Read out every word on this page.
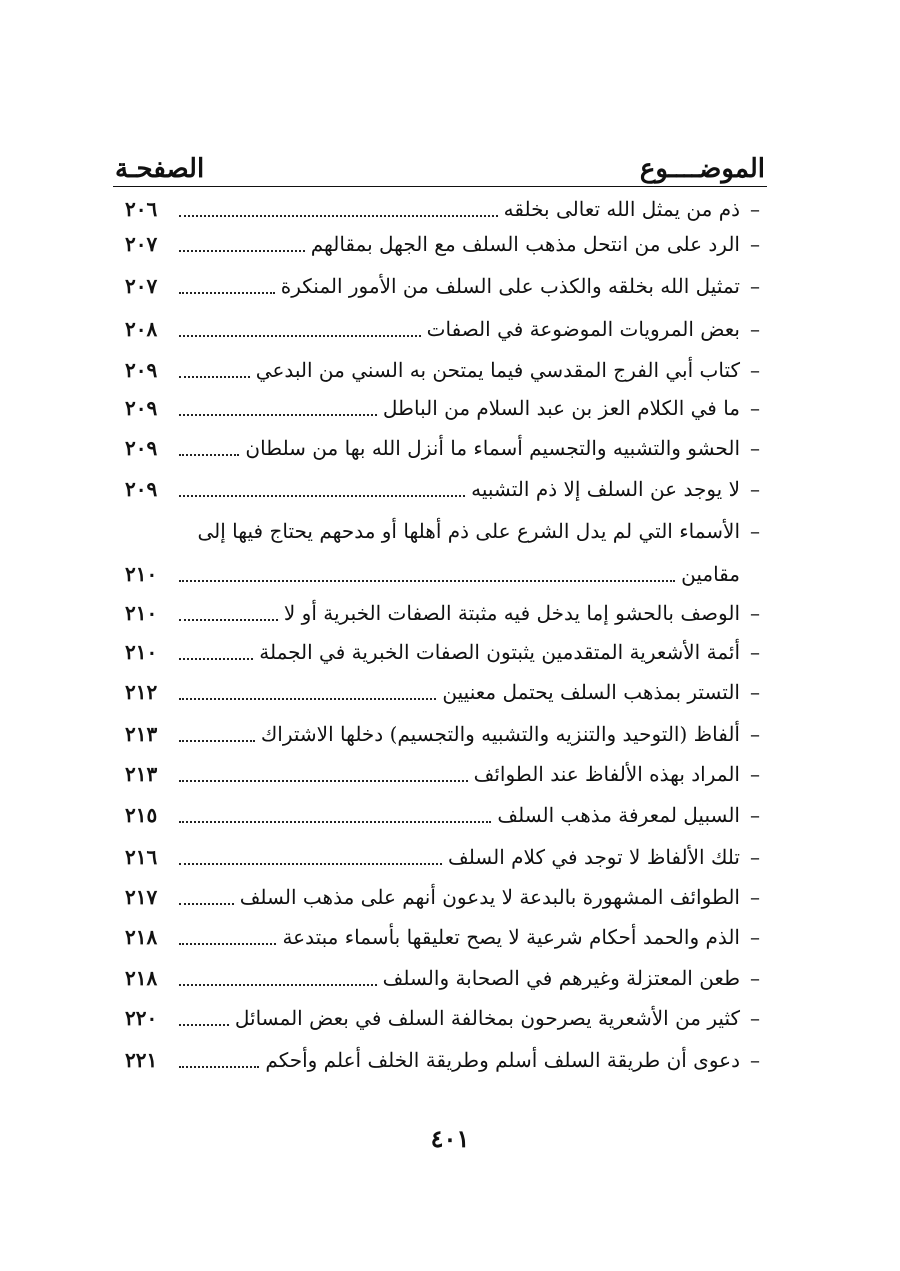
الموضــــوع
الصفحـة
–
ذم من يمثل الله تعالى بخلقه
٢٠٦
–
الرد على من انتحل مذهب السلف مع الجهل بمقالهم
٢٠٧
–
تمثيل الله بخلقه والكذب على السلف من الأمور المنكرة
٢٠٧
–
بعض المرويات الموضوعة في الصفات
٢٠٨
–
كتاب أبي الفرج المقدسي فيما يمتحن به السني من البدعي
٢٠٩
–
ما في الكلام العز بن عبد السلام من الباطل
٢٠٩
–
الحشو والتشبيه والتجسيم أسماء ما أنزل الله بها من سلطان
٢٠٩
–
لا يوجد عن السلف إلا ذم التشبيه
٢٠٩
–
الأسماء التي لم يدل الشرع على ذم أهلها أو مدحهم يحتاج فيها إلى
مقامين
٢١٠
–
الوصف بالحشو إما يدخل فيه مثبتة الصفات الخبرية أو لا
٢١٠
–
أئمة الأشعرية المتقدمين يثبتون الصفات الخبرية في الجملة
٢١٠
–
التستر بمذهب السلف يحتمل معنيين
٢١٢
–
ألفاظ (التوحيد والتنزيه والتشبيه والتجسيم) دخلها الاشتراك
٢١٣
–
المراد بهذه الألفاظ عند الطوائف
٢١٣
–
السبيل لمعرفة مذهب السلف
٢١٥
–
تلك الألفاظ لا توجد في كلام السلف
٢١٦
–
الطوائف المشهورة بالبدعة لا يدعون أنهم على مذهب السلف
٢١٧
–
الذم والحمد أحكام شرعية لا يصح تعليقها بأسماء مبتدعة
٢١٨
–
طعن المعتزلة وغيرهم في الصحابة والسلف
٢١٨
–
كثير من الأشعرية يصرحون بمخالفة السلف في بعض المسائل
٢٢٠
–
دعوى أن طريقة السلف أسلم وطريقة الخلف أعلم وأحكم
٢٢١
٤٠١
